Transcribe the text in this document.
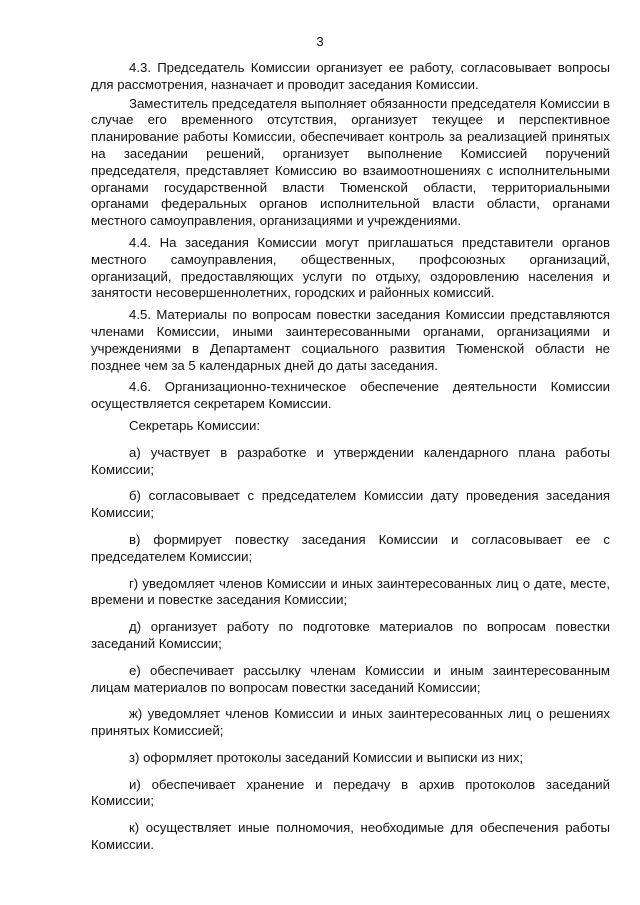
3

4.3. Председатель Комиссии организует ее работу, согласовывает вопросы для рассмотрения, назначает и проводит заседания Комиссии.

Заместитель председателя выполняет обязанности председателя Комиссии в случае его временного отсутствия, организует текущее и перспективное планирование работы Комиссии, обеспечивает контроль за реализацией принятых на заседании решений, организует выполнение Комиссией поручений председателя, представляет Комиссию во взаимоотношениях с исполнительными органами государственной власти Тюменской области, территориальными органами федеральных органов исполнительной власти области, органами местного самоуправления, организациями и учреждениями.

4.4. На заседания Комиссии могут приглашаться представители органов местного самоуправления, общественных, профсоюзных организаций, организаций, предоставляющих услуги по отдыху, оздоровлению населения и занятости несовершеннолетних, городских и районных комиссий.

4.5. Материалы по вопросам повестки заседания Комиссии представляются членами Комиссии, иными заинтересованными органами, организациями и учреждениями в Департамент социального развития Тюменской области не позднее чем за 5 календарных дней до даты заседания.

4.6. Организационно-техническое обеспечение деятельности Комиссии осуществляется секретарем Комиссии.

Секретарь Комиссии:

а) участвует в разработке и утверждении календарного плана работы Комиссии;

б) согласовывает с председателем Комиссии дату проведения заседания Комиссии;

в) формирует повестку заседания Комиссии и согласовывает ее с председателем Комиссии;

г) уведомляет членов Комиссии и иных заинтересованных лиц о дате, месте, времени и повестке заседания Комиссии;

д) организует работу по подготовке материалов по вопросам повестки заседаний Комиссии;

е) обеспечивает рассылку членам Комиссии и иным заинтересованным лицам материалов по вопросам повестки заседаний Комиссии;

ж) уведомляет членов Комиссии и иных заинтересованных лиц о решениях принятых Комиссией;

з) оформляет протоколы заседаний Комиссии и выписки из них;

и) обеспечивает хранение и передачу в архив протоколов заседаний Комиссии;

к) осуществляет иные полномочия, необходимые для обеспечения работы Комиссии.
